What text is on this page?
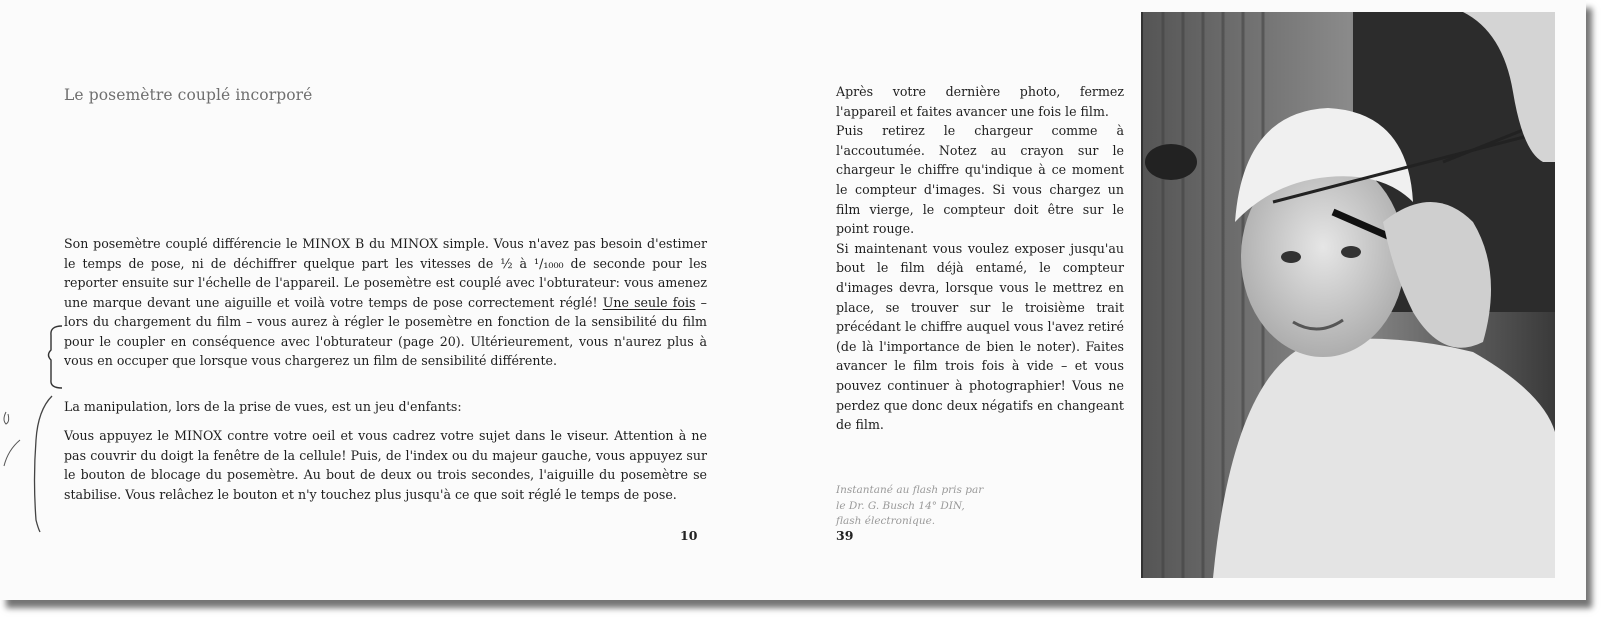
Le posemètre couplé incorporé

Son posemètre couplé différencie le MINOX B du MINOX simple. Vous n'avez pas besoin d'estimer le temps de pose, ni de déchiffrer quelque part les vitesses de ½ à ¹/₁₀₀₀ de seconde pour les reporter ensuite sur l'échelle de l'appareil. Le posemètre est couplé avec l'obturateur: vous amenez une marque devant une aiguille et voilà votre temps de pose correctement réglé! Une seule fois – lors du chargement du film – vous aurez à régler le posemètre en fonction de la sensibilité du film pour le coupler en conséquence avec l'obturateur (page 20). Ultérieurement, vous n'aurez plus à vous en occuper que lorsque vous chargerez un film de sensibilité différente.

La manipulation, lors de la prise de vues, est un jeu d'enfants:

Vous appuyez le MINOX contre votre oeil et vous cadrez votre sujet dans le viseur. Attention à ne pas couvrir du doigt la fenêtre de la cellule! Puis, de l'index ou du majeur gauche, vous appuyez sur le bouton de blocage du posemètre. Au bout de deux ou trois secondes, l'aiguille du posemètre se stabilise. Vous relâchez le bouton et n'y touchez plus jusqu'à ce que soit réglé le temps de pose.

10

Après votre dernière photo, fermez l'appareil et faites avancer une fois le film.

Puis retirez le chargeur comme à l'accoutumée. Notez au crayon sur le chargeur le chiffre qu'indique à ce moment le compteur d'images. Si vous chargez un film vierge, le compteur doit être sur le point rouge.

Si maintenant vous voulez exposer jusqu'au bout le film déjà entamé, le compteur d'images devra, lorsque vous le mettrez en place, se trouver sur le troisième trait précédant le chiffre auquel vous l'avez retiré (de là l'importance de bien le noter). Faites avancer le film trois fois à vide – et vous pouvez continuer à photographier! Vous ne perdez que donc deux négatifs en changeant de film.

Instantané au flash pris par le Dr. G. Busch 14° DIN, flash électronique.
39
